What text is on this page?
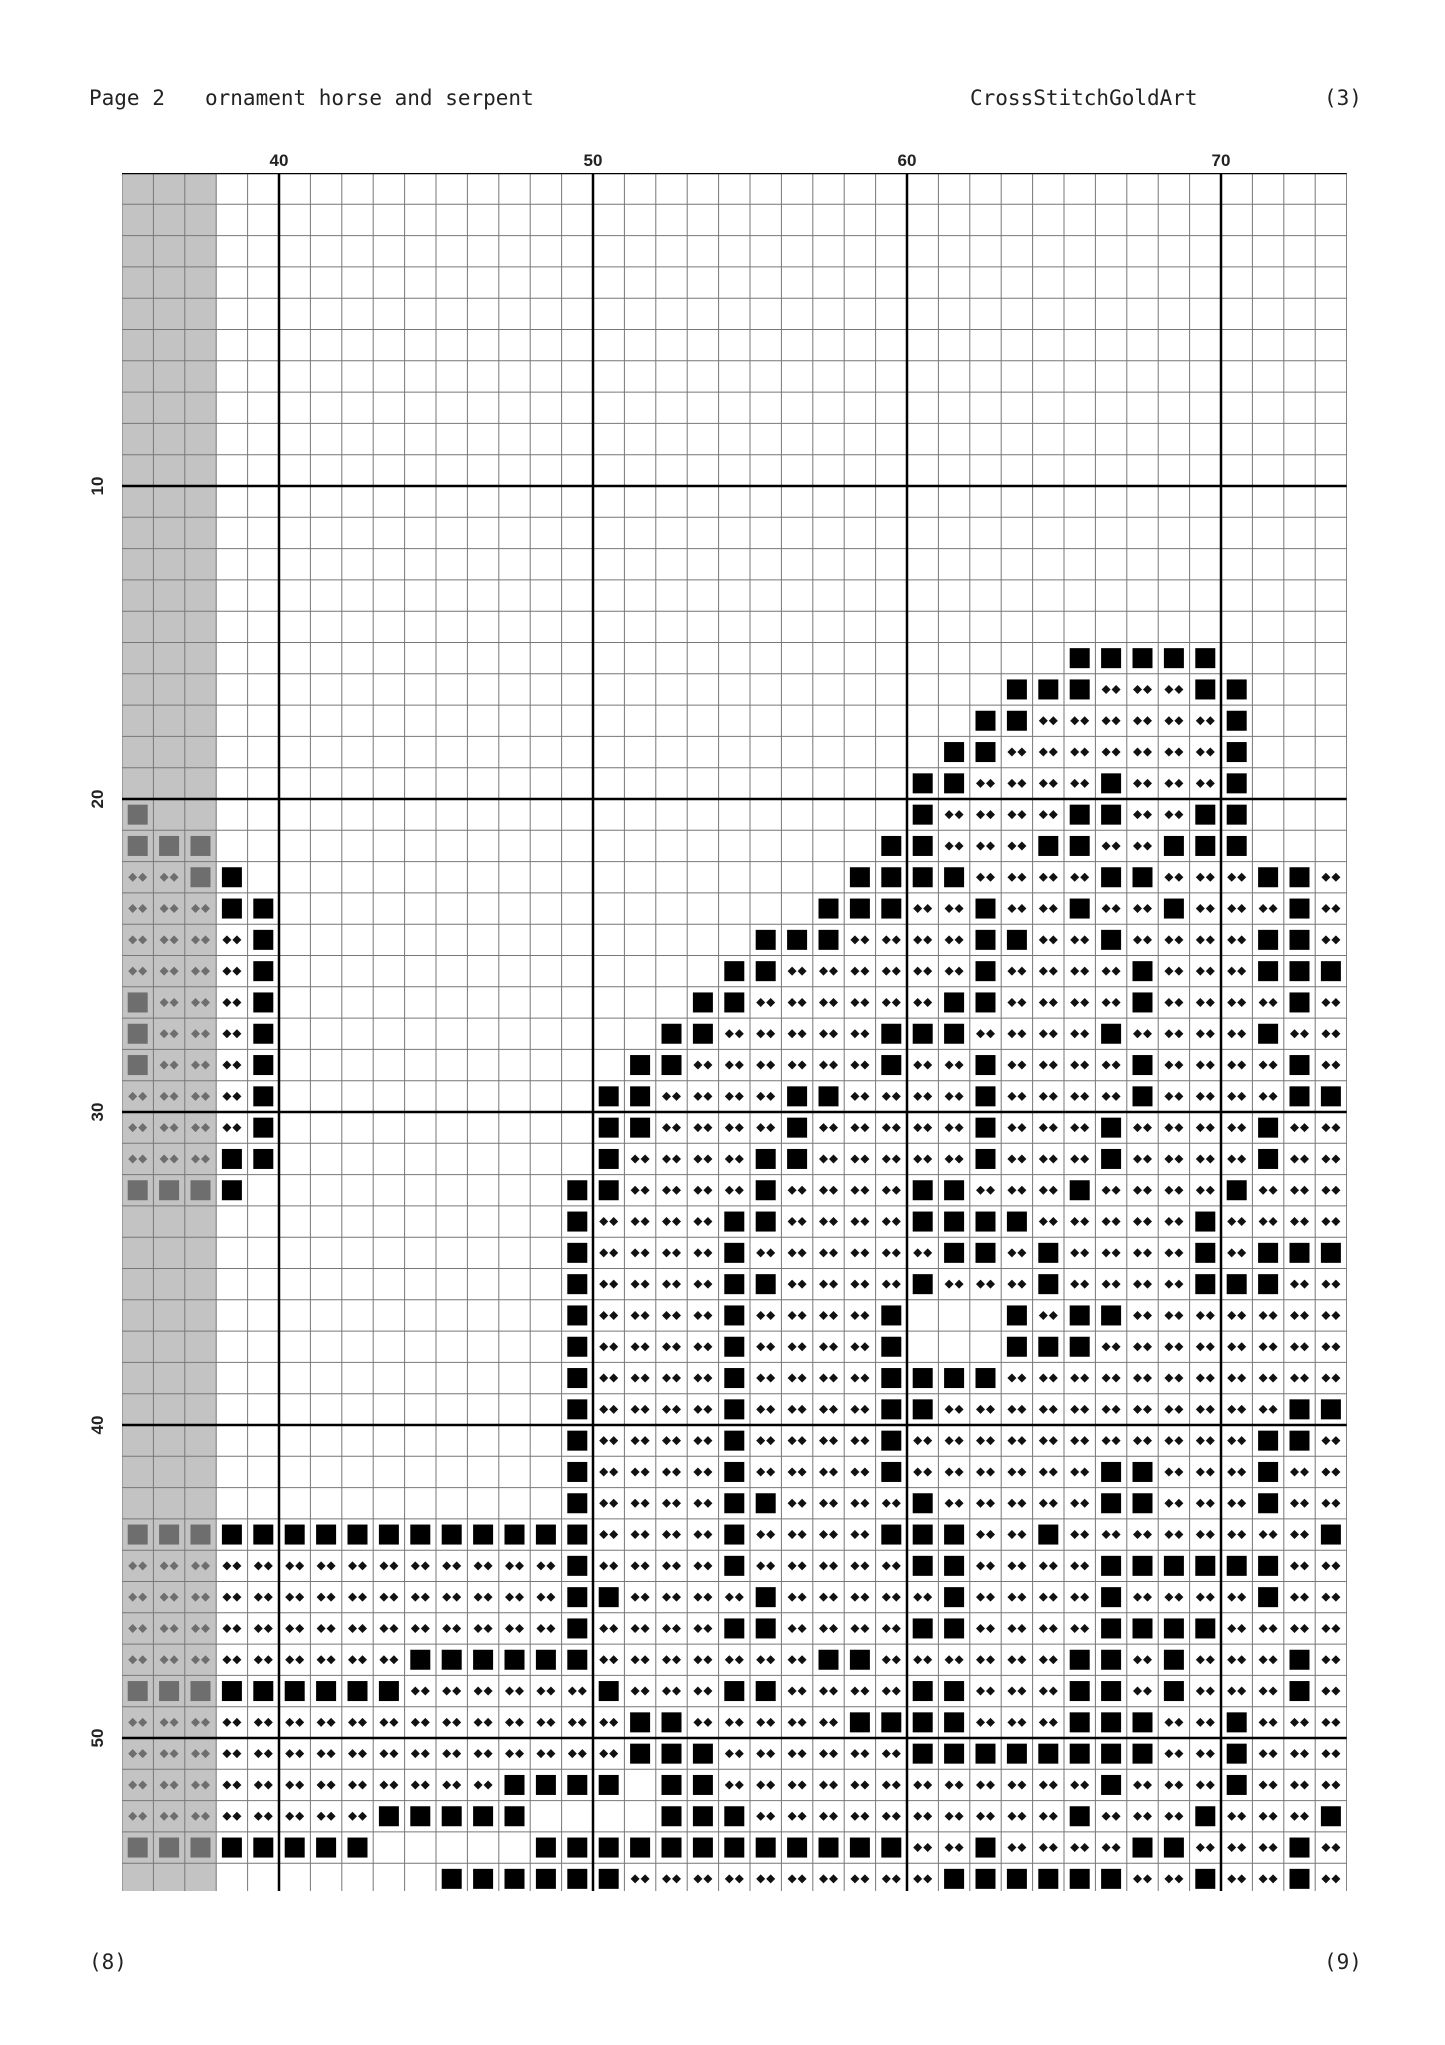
Page 2 ornament horse and serpent	CrossStitchGoldArt	(3)
40	50	60	70
10
20
30
40
50
(8)	(9)
